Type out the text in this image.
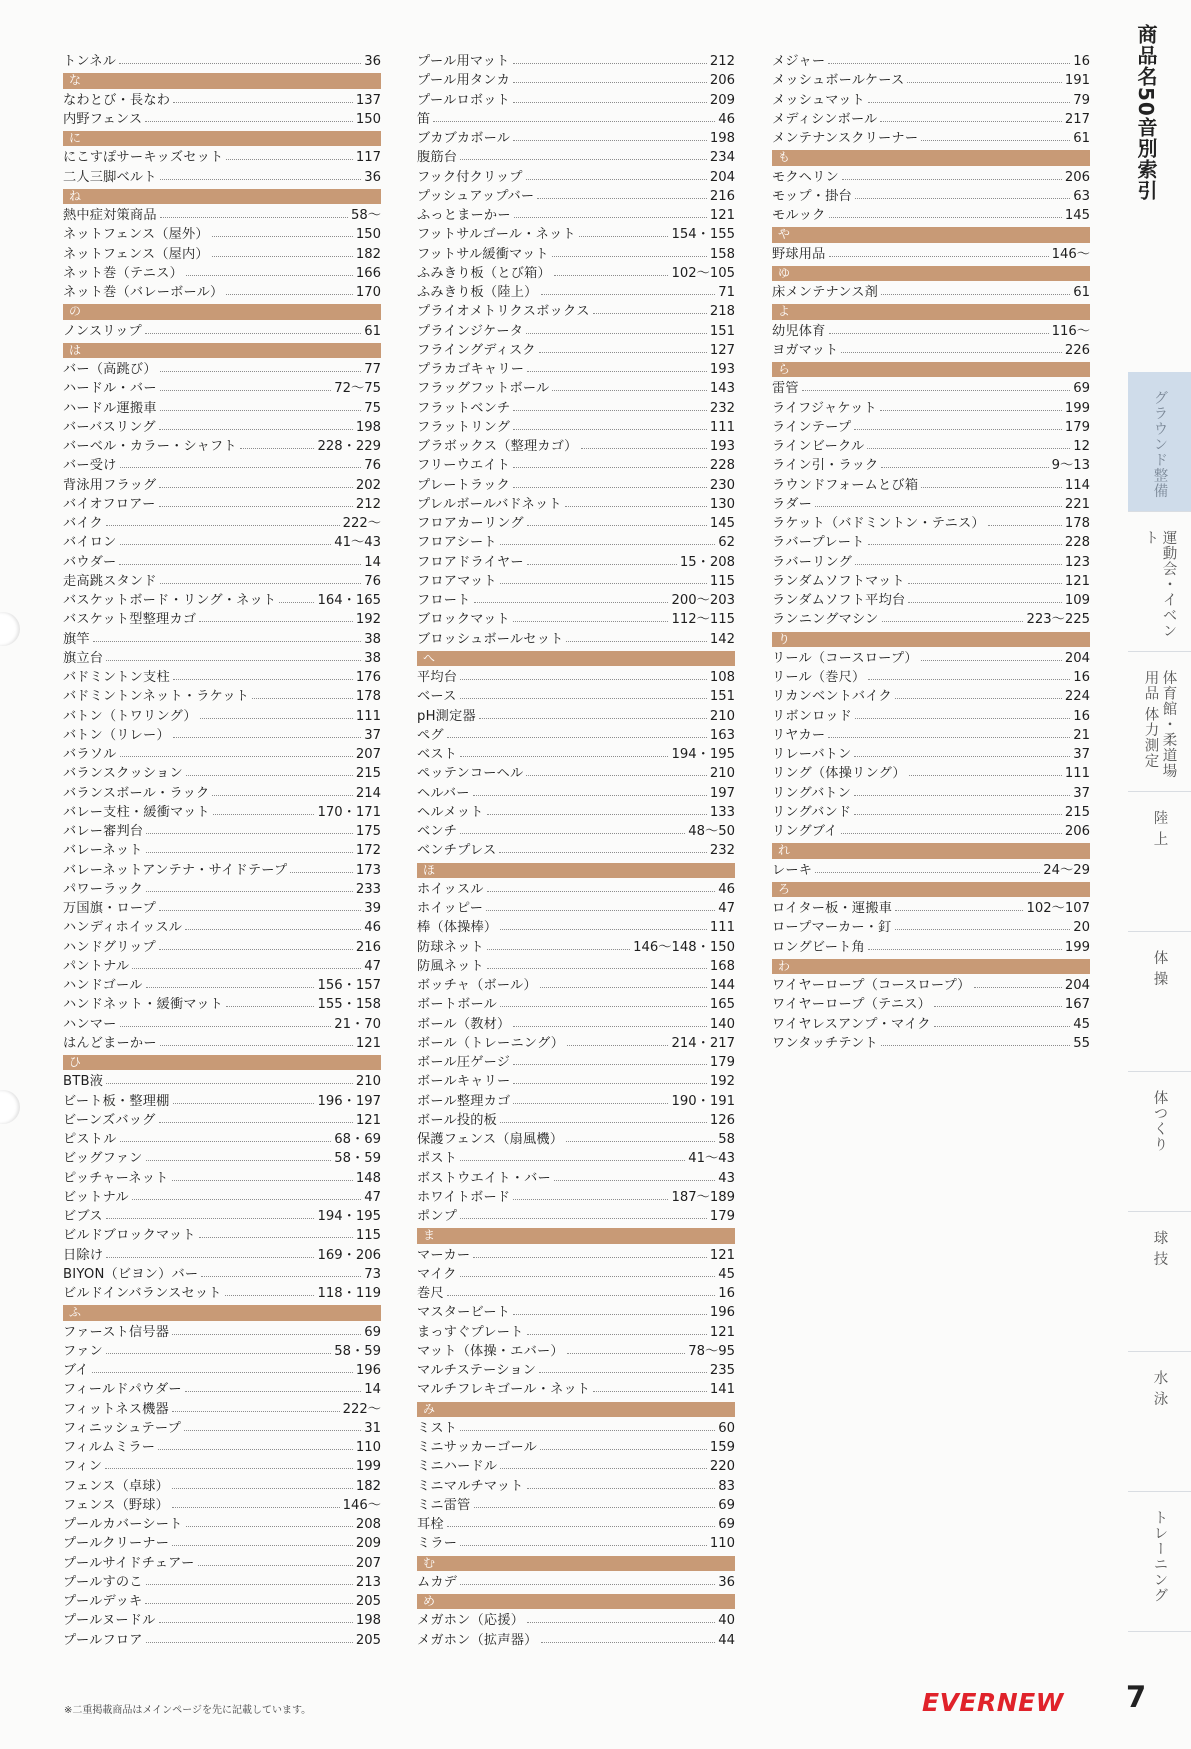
トンネル	36
な
なわとび・長なわ	137
内野フェンス	150
に
にこすぽサーキッズセット	117
二人三脚ベルト	36
ね
熱中症対策商品	58～
ネットフェンス（屋外）	150
ネットフェンス（屋内）	182
ネット巻（テニス）	166
ネット巻（バレーボール）	170
の
ノンスリップ	61
は
バー（高跳び）	77
ハードル・バー	72～75
ハードル運搬車	75
バーバスリング	198
バーベル・カラー・シャフト	228・229
バー受け	76
背泳用フラッグ	202
バイオフロアー	212
バイク	222～
バイロン	41～43
バウダー	14
走高跳スタンド	76
バスケットボード・リング・ネット	164・165
バスケット型整理カゴ	192
旗竿	38
旗立台	38
バドミントン支柱	176
バドミントンネット・ラケット	178
バトン（トワリング）	111
バトン（リレー）	37
バラソル	207
バランスクッション	215
バランスボール・ラック	214
バレー支柱・緩衝マット	170・171
バレー審判台	175
バレーネット	172
バレーネットアンテナ・サイドテープ	173
パワーラック	233
万国旗・ロープ	39
ハンディホイッスル	46
ハンドグリップ	216
パントナル	47
ハンドゴール	156・157
ハンドネット・緩衝マット	155・158
ハンマー	21・70
はんどまーかー	121
ひ
BTB液	210
ビート板・整理棚	196・197
ビーンズバッグ	121
ピストル	68・69
ビッグファン	58・59
ピッチャーネット	148
ビットナル	47
ビブス	194・195
ビルドブロックマット	115
日除け	169・206
BIYON（ビヨン）バー	73
ビルドインバランスセット	118・119
ふ
ファースト信号器	69
ファン	58・59
ブイ	196
フィールドパウダー	14
フィットネス機器	222～
フィニッシュテープ	31
フィルムミラー	110
フィン	199
フェンス（卓球）	182
フェンス（野球）	146～
プールカバーシート	208
プールクリーナー	209
プールサイドチェアー	207
プールすのこ	213
プールデッキ	205
プールヌードル	198
プールフロア	205
プール用マット	212
プール用タンカ	206
プールロボット	209
笛	46
ブカブカボール	198
腹筋台	234
フック付クリップ	204
プッシュアップバー	216
ふっとまーかー	121
フットサルゴール・ネット	154・155
フットサル緩衝マット	158
ふみきり板（とび箱）	102～105
ふみきり板（陸上）	71
プライオメトリクスボックス	218
プラインジケータ	151
フライングディスク	127
プラカゴキャリー	193
フラッグフットボール	143
フラットベンチ	232
フラットリング	111
ブラボックス（整理カゴ）	193
フリーウエイト	228
プレートラック	230
プレルボールバドネット	130
フロアカーリング	145
フロアシート	62
フロアドライヤー	15・208
フロアマット	115
フロート	200～203
ブロックマット	112～115
ブロッシュボールセット	142
へ
平均台	108
ベース	151
pH測定器	210
ペグ	163
ベスト	194・195
ペッテンコーヘル	210
ヘルバー	197
ヘルメット	133
ベンチ	48～50
ベンチプレス	232
ほ
ホイッスル	46
ホイッピー	47
棒（体操棒）	111
防球ネット	146～148・150
防風ネット	168
ボッチャ（ボール）	144
ボートボール	165
ボール（教材）	140
ボール（トレーニング）	214・217
ボール圧ゲージ	179
ボールキャリー	192
ボール整理カゴ	190・191
ボール投的板	126
保護フェンス（扇風機）	58
ポスト	41～43
ボストウエイト・バー	43
ホワイトボード	187～189
ポンプ	179
ま
マーカー	121
マイク	45
巻尺	16
マスタービート	196
まっすぐプレート	121
マット（体操・エバー）	78～95
マルチステーション	235
マルチフレキゴール・ネット	141
み
ミスト	60
ミニサッカーゴール	159
ミニハードル	220
ミニマルチマット	83
ミニ雷管	69
耳栓	69
ミラー	110
む
ムカデ	36
め
メガホン（応援）	40
メガホン（拡声器）	44
メジャー	16
メッシュボールケース	191
メッシュマット	79
メディシンボール	217
メンテナンスクリーナー	61
も
モクヘリン	206
モップ・掛台	63
モルック	145
や
野球用品	146～
ゆ
床メンテナンス剤	61
よ
幼児体育	116～
ヨガマット	226
ら
雷管	69
ライフジャケット	199
ラインテープ	179
ラインビークル	12
ライン引・ラック	9～13
ラウンドフォームとび箱	114
ラダー	221
ラケット（バドミントン・テニス）	178
ラバープレート	228
ラバーリング	123
ランダムソフトマット	121
ランダムソフト平均台	109
ランニングマシン	223～225
り
リール（コースロープ）	204
リール（巻尺）	16
リカンベントバイク	224
リボンロッド	16
リヤカー	21
リレーバトン	37
リング（体操リング）	111
リングバトン	37
リングバンド	215
リングブイ	206
れ
レーキ	24～29
ろ
ロイター板・運搬車	102～107
ロープマーカー・釘	20
ロングビート角	199
わ
ワイヤーロープ（コースロープ）	204
ワイヤーロープ（テニス）	167
ワイヤレスアンプ・マイク	45
ワンタッチテント	55
商品名50音別索引
グラウンド整備
運動会・イベント
体育館・柔道場用品 体力測定
陸 上
体 操
体つくり
球 技
水 泳
トレーニング
※二重掲載商品はメインページを先に記載しています。	EVERNEW 7
